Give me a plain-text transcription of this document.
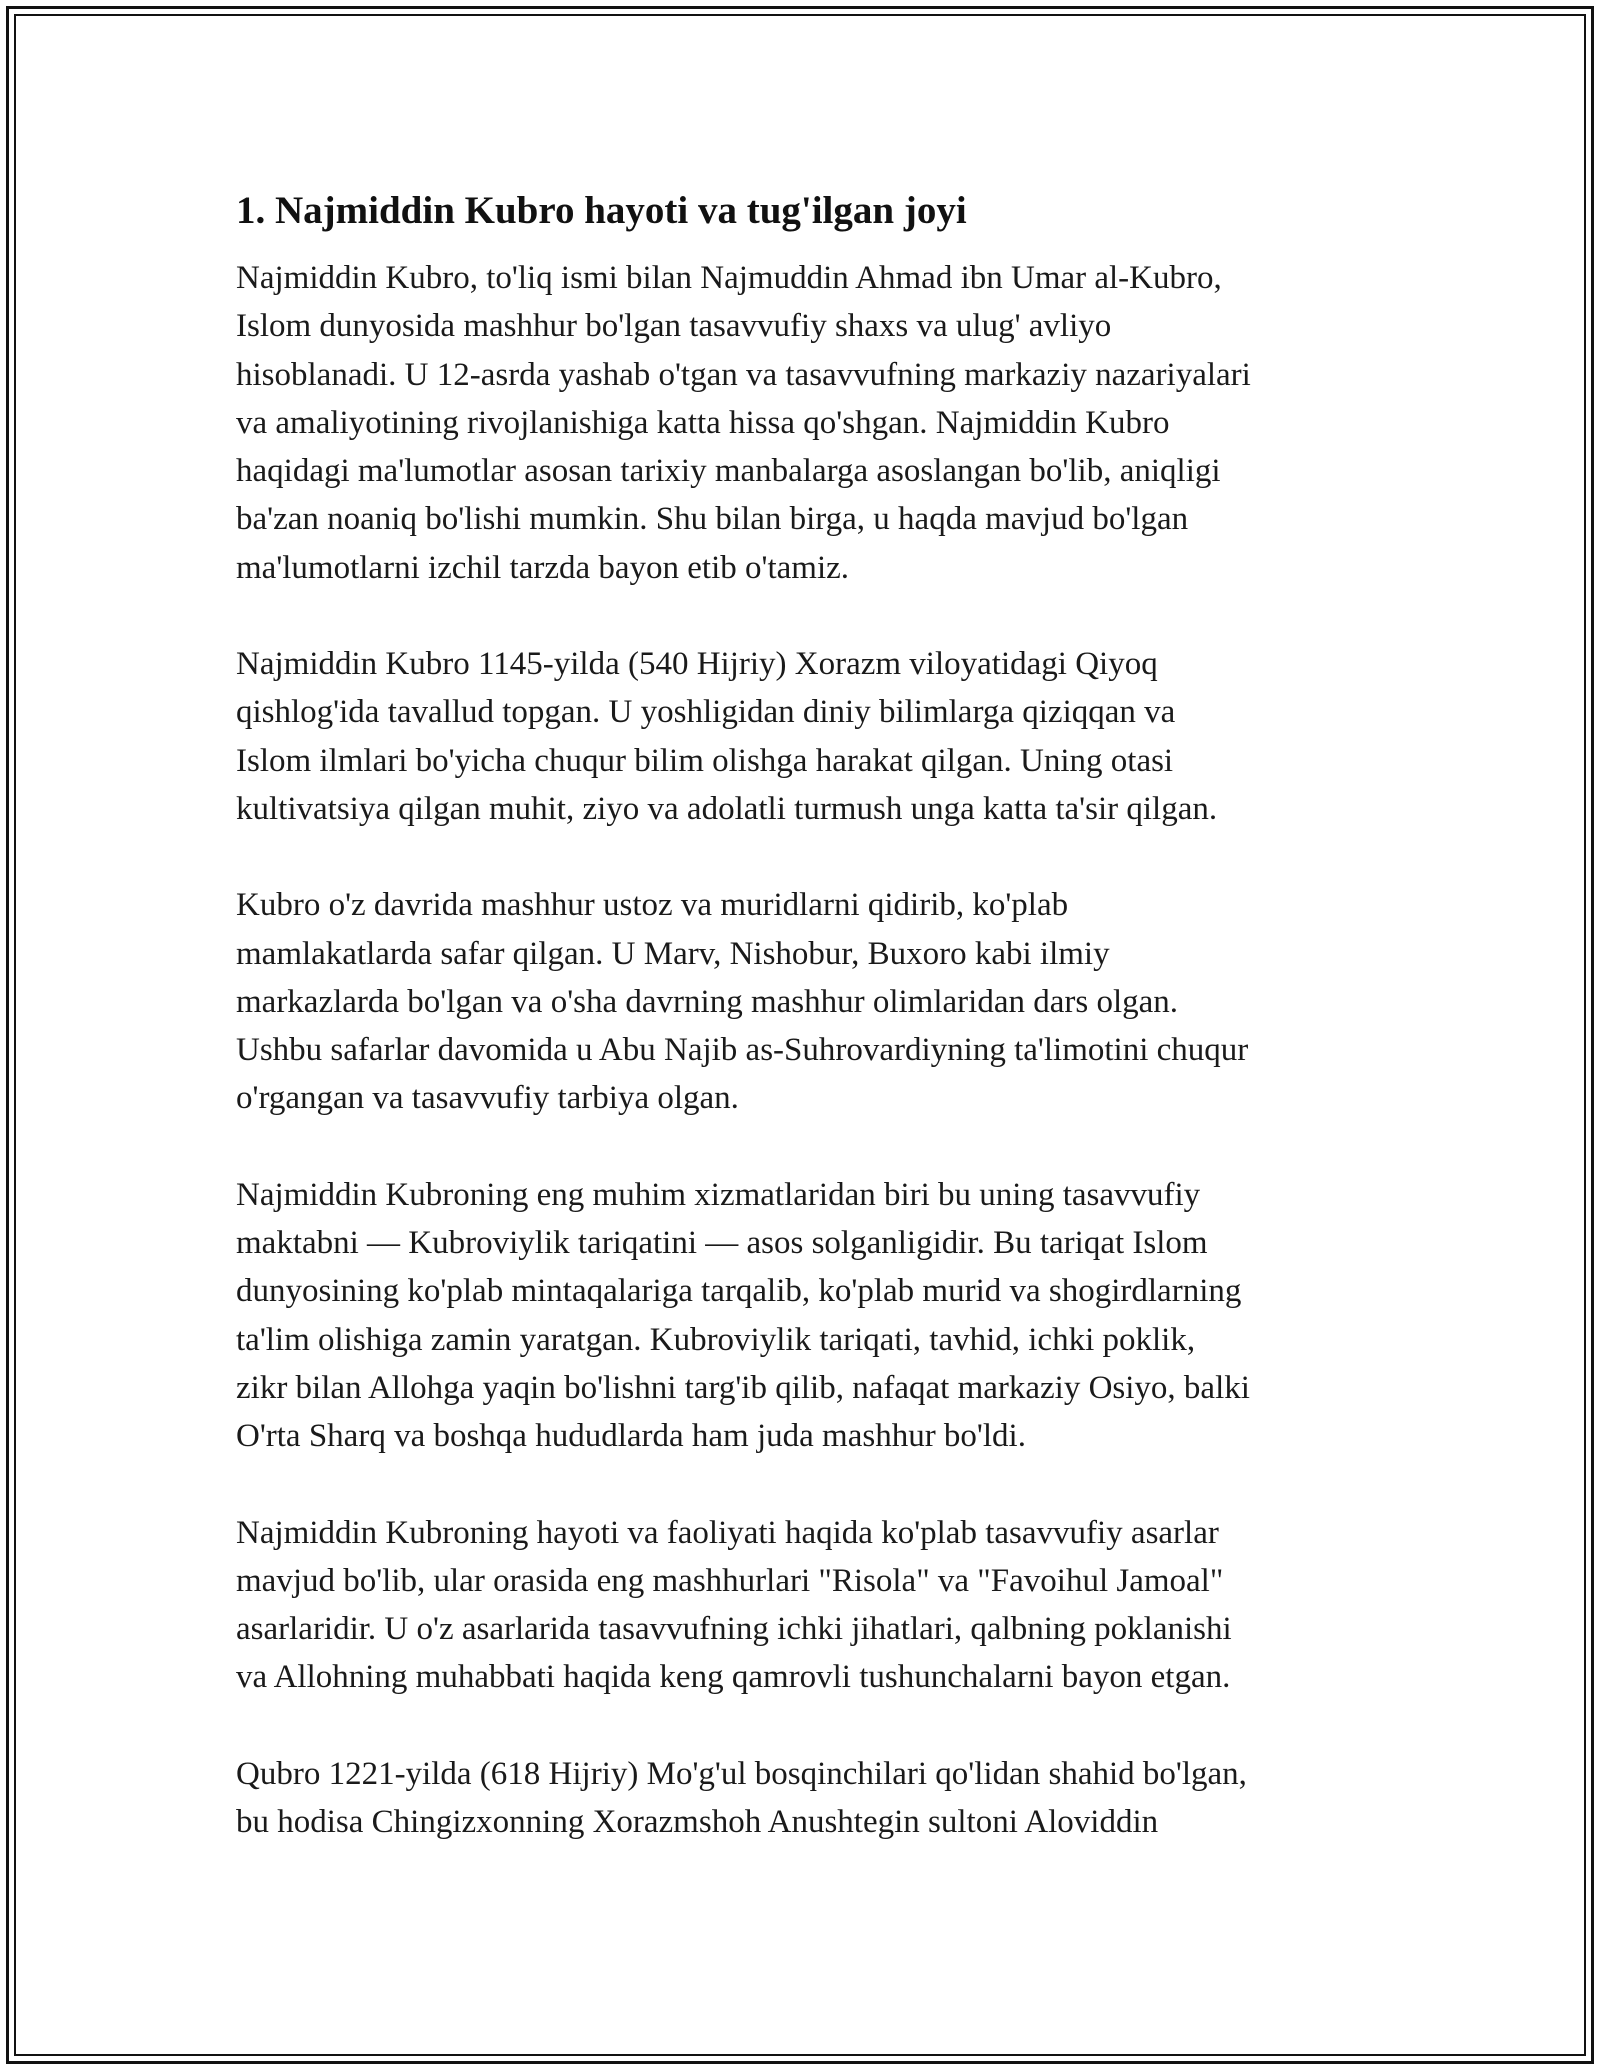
1. Najmiddin Kubro hayoti va tug'ilgan joyi

Najmiddin Kubro, to'liq ismi bilan Najmuddin Ahmad ibn Umar al-Kubro,
Islom dunyosida mashhur bo'lgan tasavvufiy shaxs va ulug' avliyo
hisoblanadi. U 12-asrda yashab o'tgan va tasavvufning markaziy nazariyalari
va amaliyotining rivojlanishiga katta hissa qo'shgan. Najmiddin Kubro
haqidagi ma'lumotlar asosan tarixiy manbalarga asoslangan bo'lib, aniqligi
ba'zan noaniq bo'lishi mumkin. Shu bilan birga, u haqda mavjud bo'lgan
ma'lumotlarni izchil tarzda bayon etib o'tamiz.

Najmiddin Kubro 1145-yilda (540 Hijriy) Xorazm viloyatidagi Qiyoq
qishlog'ida tavallud topgan. U yoshligidan diniy bilimlarga qiziqqan va
Islom ilmlari bo'yicha chuqur bilim olishga harakat qilgan. Uning otasi
kultivatsiya qilgan muhit, ziyo va adolatli turmush unga katta ta'sir qilgan.

Kubro o'z davrida mashhur ustoz va muridlarni qidirib, ko'plab
mamlakatlarda safar qilgan. U Marv, Nishobur, Buxoro kabi ilmiy
markazlarda bo'lgan va o'sha davrning mashhur olimlaridan dars olgan.
Ushbu safarlar davomida u Abu Najib as-Suhrovardiyning ta'limotini chuqur
o'rgangan va tasavvufiy tarbiya olgan.

Najmiddin Kubroning eng muhim xizmatlaridan biri bu uning tasavvufiy
maktabni — Kubroviylik tariqatini — asos solganligidir. Bu tariqat Islom
dunyosining ko'plab mintaqalariga tarqalib, ko'plab murid va shogirdlarning
ta'lim olishiga zamin yaratgan. Kubroviylik tariqati, tavhid, ichki poklik,
zikr bilan Allohga yaqin bo'lishni targ'ib qilib, nafaqat markaziy Osiyo, balki
O'rta Sharq va boshqa hududlarda ham juda mashhur bo'ldi.

Najmiddin Kubroning hayoti va faoliyati haqida ko'plab tasavvufiy asarlar
mavjud bo'lib, ular orasida eng mashhurlari "Risola" va "Favoihul Jamoal"
asarlaridir. U o'z asarlarida tasavvufning ichki jihatlari, qalbning poklanishi
va Allohning muhabbati haqida keng qamrovli tushunchalarni bayon etgan.

Qubro 1221-yilda (618 Hijriy) Mo'g'ul bosqinchilari qo'lidan shahid bo'lgan,
bu hodisa Chingizxonning Xorazmshoh Anushtegin sultoni Aloviddin
